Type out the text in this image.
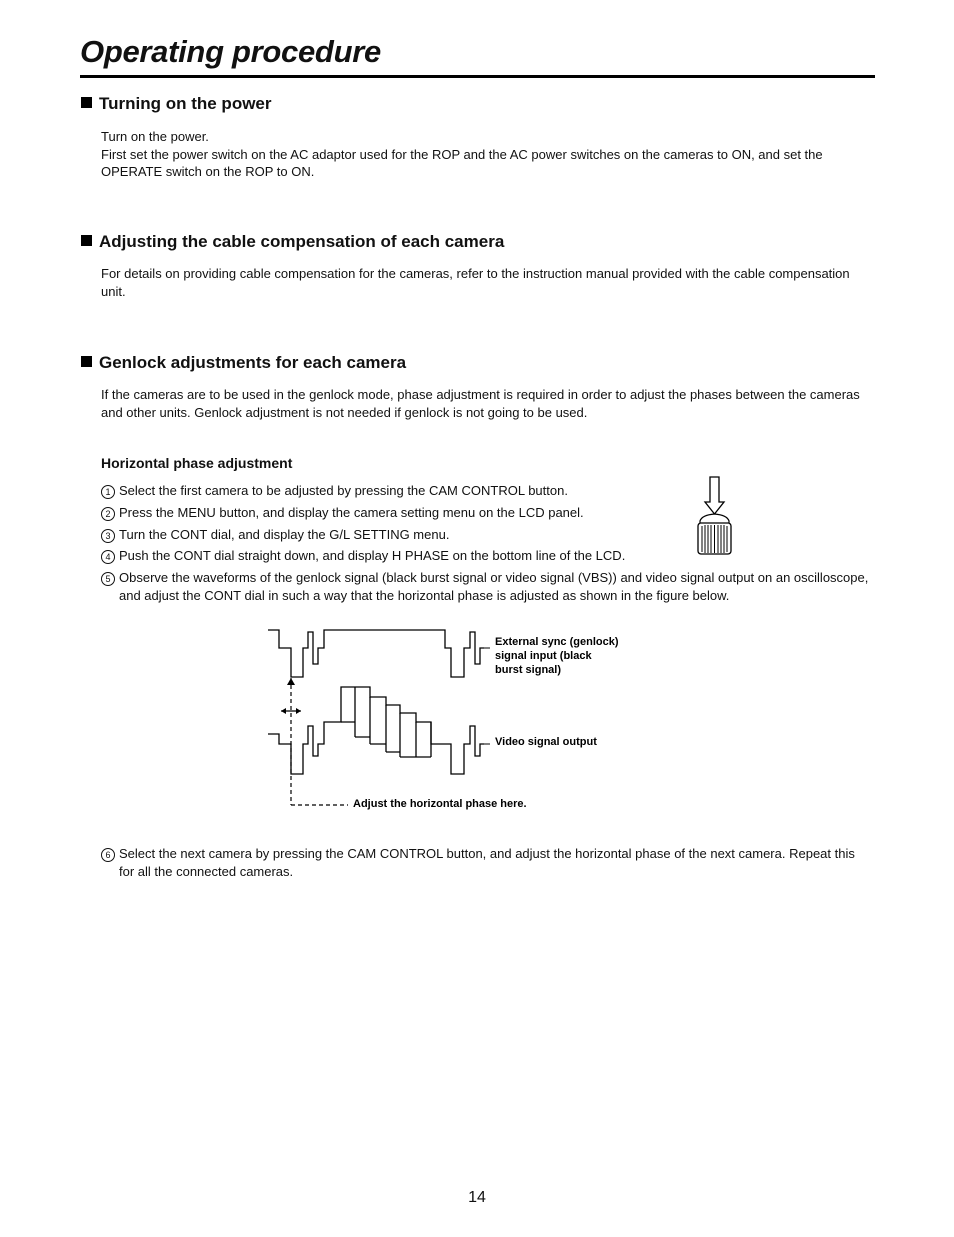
Operating procedure
Turning on the power

Turn on the power.
First set the power switch on the AC adaptor used for the ROP and the AC power switches on the cameras to ON, and set the OPERATE switch on the ROP to ON.

Adjusting the cable compensation of each camera

For details on providing cable compensation for the cameras, refer to the instruction manual provided with the cable compensation unit.

Genlock adjustments for each camera

If the cameras are to be used in the genlock mode, phase adjustment is required in order to adjust the phases between the cameras and other units. Genlock adjustment is not needed if genlock is not going to be used.

Horizontal phase adjustment
1 Select the first camera to be adjusted by pressing the CAM CONTROL button.
2 Press the MENU button, and display the camera setting menu on the LCD panel.
3 Turn the CONT dial, and display the G/L SETTING menu.
4 Push the CONT dial straight down, and display H PHASE on the bottom line of the LCD.
5 Observe the waveforms of the genlock signal (black burst signal or video signal (VBS)) and video signal output on an oscilloscope, and adjust the CONT dial in such a way that the horizontal phase is adjusted as shown in the figure below.
External sync (genlock)
signal input (black
burst signal)
Video signal output
Adjust the horizontal phase here.
6 Select the next camera by pressing the CAM CONTROL button, and adjust the horizontal phase of the next camera. Repeat this for all the connected cameras.
14
